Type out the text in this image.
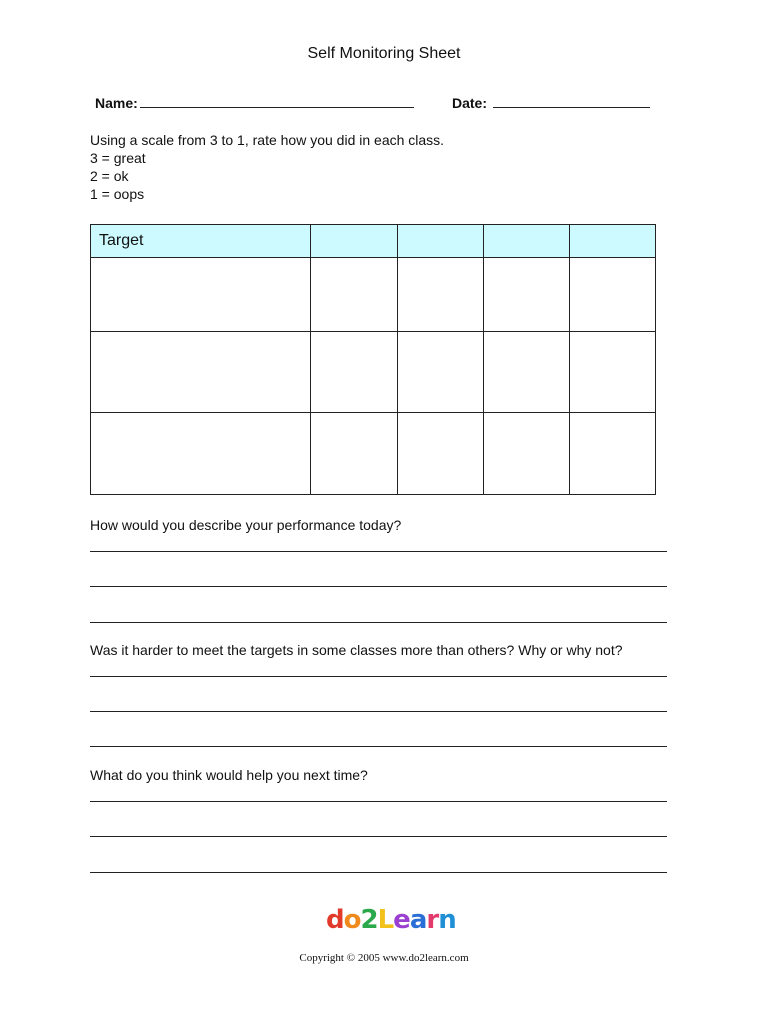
Self Monitoring Sheet
Name:	Date:
Using a scale from 3 to 1, rate how you did in each class.
3 = great
2 = ok
1 = oops
Target				

How would you describe your performance today?
Was it harder to meet the targets in some classes more than others? Why or why not?
What do you think would help you next time?
do2Learn
Copyright © 2005 www.do2learn.com
